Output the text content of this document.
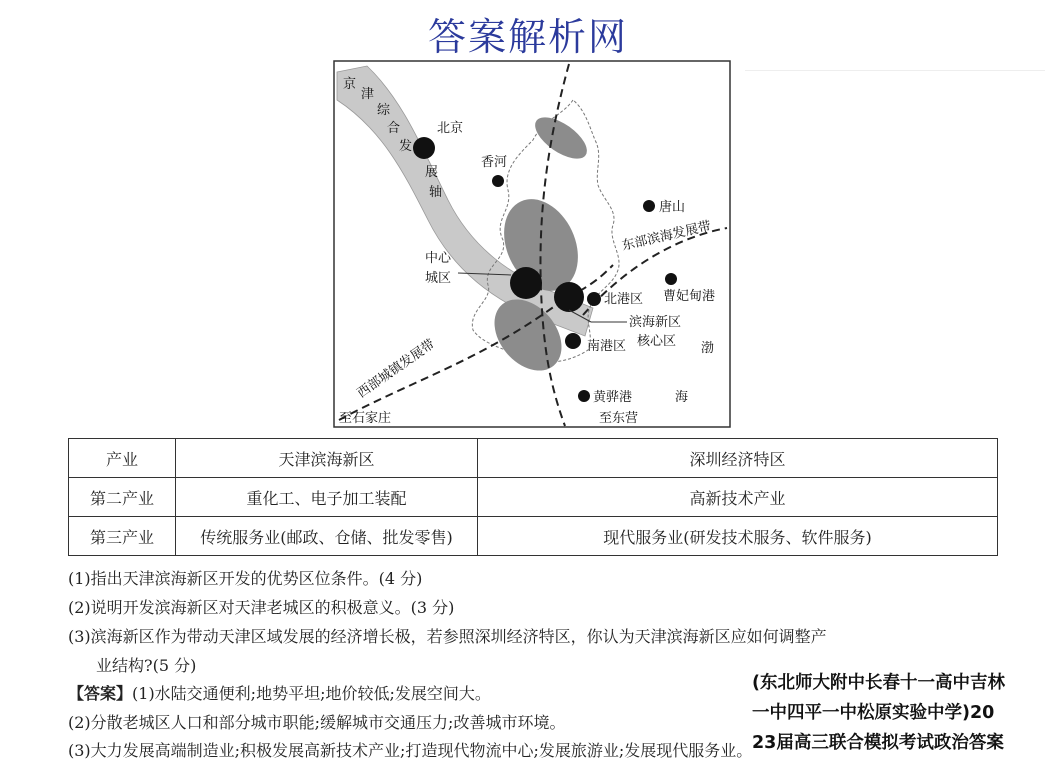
答案解析网
京
津
综
合
发
展
轴
北京
香河
唐山
中心
城区
北港区 曹妃甸港
滨海新区
核心区
南港区	渤
黄骅港	海
至石家庄	至东营
东部滨海发展带
西部城镇发展带
产业	天津滨海新区	深圳经济特区
第二产业	重化工、电子加工装配	高新技术产业
第三产业	传统服务业(邮政、仓储、批发零售)	现代服务业(研发技术服务、软件服务)
(1)指出天津滨海新区开发的优势区位条件。(4 分)
(2)说明开发滨海新区对天津老城区的积极意义。(3 分)
(3)滨海新区作为带动天津区域发展的经济增长极，若参照深圳经济特区，你认为天津滨海新区应如何调整产
业结构?(5 分)
【答案】(1)水陆交通便利;地势平坦;地价较低;发展空间大。
(2)分散老城区人口和部分城市职能;缓解城市交通压力;改善城市环境。
(3)大力发展高端制造业;积极发展高新技术产业;打造现代物流中心;发展旅游业;发展现代服务业。
(东北师大附中长春十一高中吉林
一中四平一中松原实验中学)20
23届高三联合模拟考试政治答案
